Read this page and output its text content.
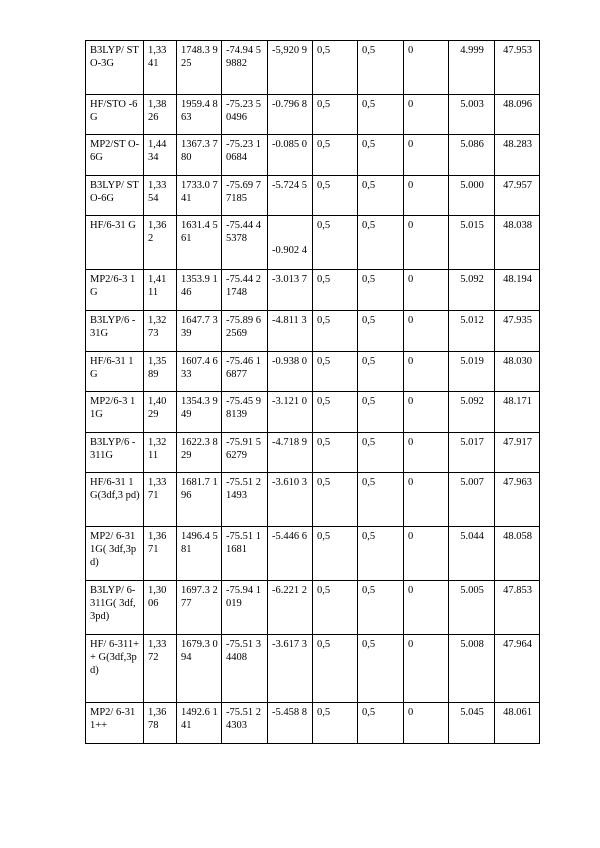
B3LYP/ STO-3G	1,33 41	1748.3 925	-74.94 59882	-5,920 9	0,5	0,5	0	4.999	47.953
HF/STO -6G	1,38 26	1959.4 863	-75.23 50496	-0.796 8	0,5	0,5	0	5.003	48.096
MP2/ST O-6G	1,44 34	1367.3 780	-75.23 10684	-0.085 0	0,5	0,5	0	5.086	48.283
B3LYP/ STO-6G	1,33 54	1733.0 741	-75.69 77185	-5.724 5	0,5	0,5	0	5.000	47.957
HF/6-31 G	1,36 2	1631.4 561	-75.44 45378	-0.902 4	0,5	0,5	0	5.015	48.038
MP2/6-3 1G	1,41 11	1353.9 146	-75.44 21748	-3.013 7	0,5	0,5	0	5.092	48.194
B3LYP/6 -31G	1,32 73	1647.7 339	-75.89 62569	-4.811 3	0,5	0,5	0	5.012	47.935
HF/6-31 1G	1,35 89	1607.4 633	-75.46 16877	-0.938 0	0,5	0,5	0	5.019	48.030
MP2/6-3 11G	1,40 29	1354.3 949	-75.45 98139	-3.121 0	0,5	0,5	0	5.092	48.171
B3LYP/6 -311G	1,32 11	1622.3 829	-75.91 56279	-4.718 9	0,5	0,5	0	5.017	47.917
HF/6-31 1G(3df,3 pd)	1,33 71	1681.7 196	-75.51 21493	-3.610 3	0,5	0,5	0	5.007	47.963
MP2/ 6-311G( 3df,3pd)	1,36 71	1496.4 581	-75.51 11681	-5.446 6	0,5	0,5	0	5.044	48.058
B3LYP/ 6-311G( 3df,3pd)	1,30 06	1697.3 277	-75.94 1019	-6.221 2	0,5	0,5	0	5.005	47.853
HF/ 6-311++ G(3df,3p d)	1,33 72	1679.3 094	-75.51 34408	-3.617 3	0,5	0,5	0	5.008	47.964
MP2/ 6-311++	1,36 78	1492.6 141	-75.51 24303	-5.458 8	0,5	0,5	0	5.045	48.061
